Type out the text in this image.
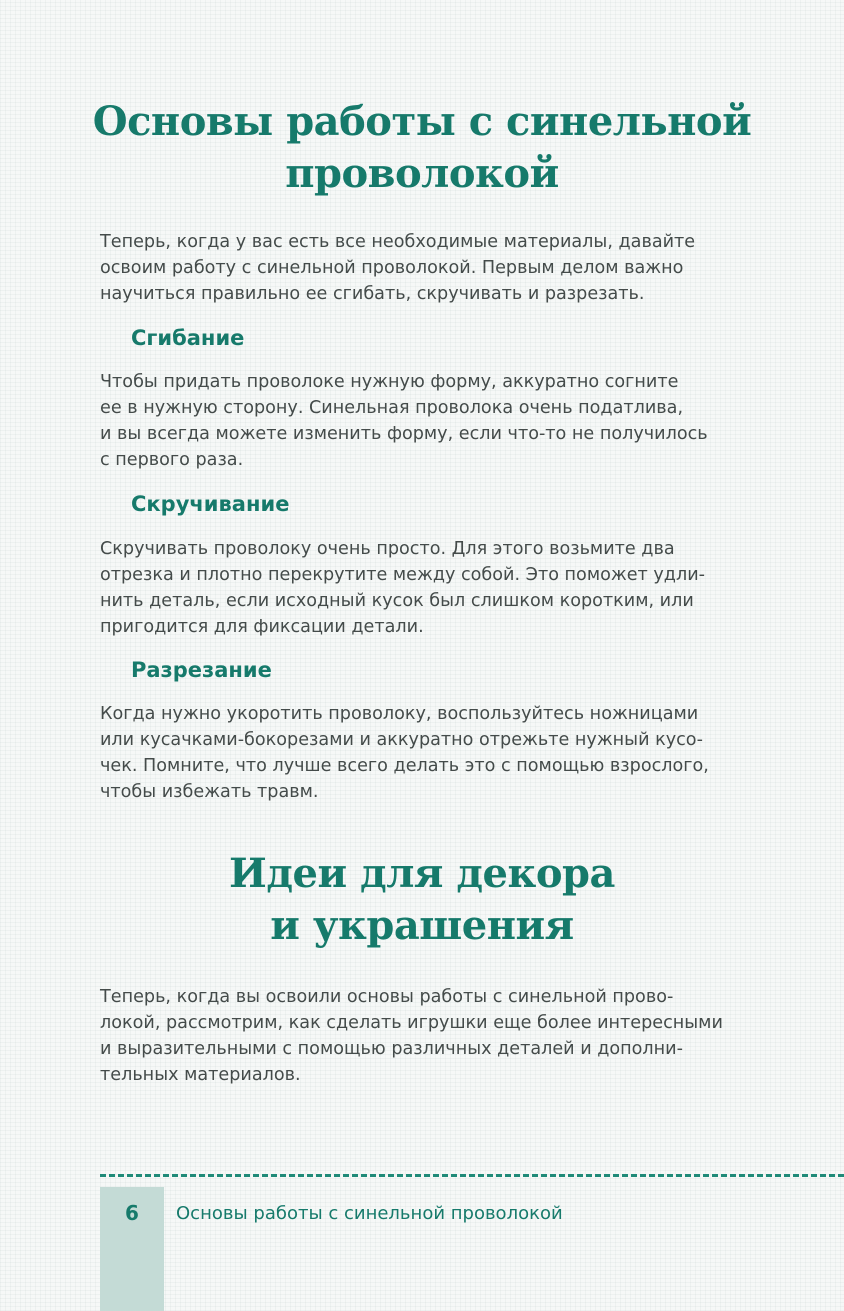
Основы работы с синельной
проволокой

Теперь, когда у вас есть все необходимые материалы, давайте
освоим работу с синельной проволокой. Первым делом важно
научиться правильно ее сгибать, скручивать и разрезать.

Сгибание

Чтобы придать проволоке нужную форму, аккуратно согните
ее в нужную сторону. Синельная проволока очень податлива,
и вы всегда можете изменить форму, если что-то не получилось
с первого раза.

Скручивание

Скручивать проволоку очень просто. Для этого возьмите два
отрезка и плотно перекрутите между собой. Это поможет удли-
нить деталь, если исходный кусок был слишком коротким, или
пригодится для фиксации детали.

Разрезание

Когда нужно укоротить проволоку, воспользуйтесь ножницами
или кусачками-бокорезами и аккуратно отрежьте нужный кусо-
чек. Помните, что лучше всего делать это с помощью взрослого,
чтобы избежать травм.

Идеи для декора
и украшения

Теперь, когда вы освоили основы работы с синельной прово-
локой, рассмотрим, как сделать игрушки еще более интересными
и выразительными с помощью различных деталей и дополни-
тельных материалов.

6	Основы работы с синельной проволокой
